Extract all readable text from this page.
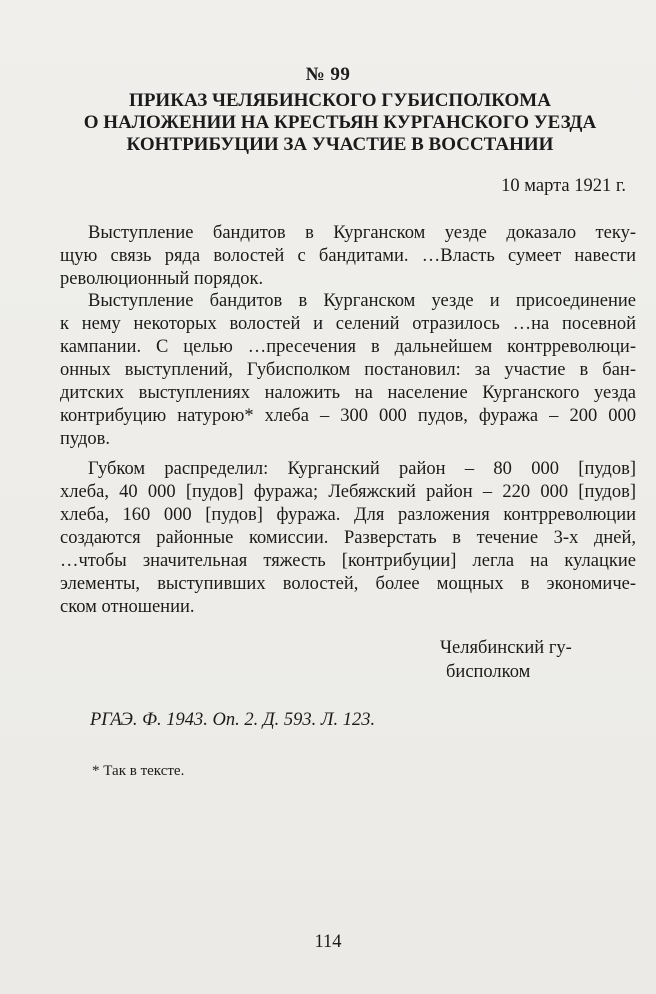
№ 99
ПРИКАЗ ЧЕЛЯБИНСКОГО ГУБИСПОЛКОМА
О НАЛОЖЕНИИ НА КРЕСТЬЯН КУРГАНСКОГО УЕЗДА
КОНТРИБУЦИИ ЗА УЧАСТИЕ В ВОССТАНИИ
10 марта 1921 г.
Выступление бандитов в Курганском уезде доказало теку-
щую связь ряда волостей с бандитами. …Власть сумеет навести
революционный порядок.
Выступление бандитов в Курганском уезде и присоединение
к нему некоторых волостей и селений отразилось …на посевной
кампании. С целью …пресечения в дальнейшем контрреволюци-
онных выступлений, Губисполком постановил: за участие в бан-
дитских выступлениях наложить на население Курганского уезда
контрибуцию натурою* хлеба – 300 000 пудов, фуража – 200 000
пудов.
Губком распределил: Курганский район – 80 000 [пудов]
хлеба, 40 000 [пудов] фуража; Лебяжский район – 220 000 [пудов]
хлеба, 160 000 [пудов] фуража. Для разложения контрреволюции
создаются районные комиссии. Разверстать в течение 3-х дней,
…чтобы значительная тяжесть [контрибуции] легла на кулацкие
элементы, выступивших волостей, более мощных в экономиче-
ском отношении.
Челябинский гу-
бисполком
РГАЭ. Ф. 1943. Оп. 2. Д. 593. Л. 123.
* Так в тексте.
114
